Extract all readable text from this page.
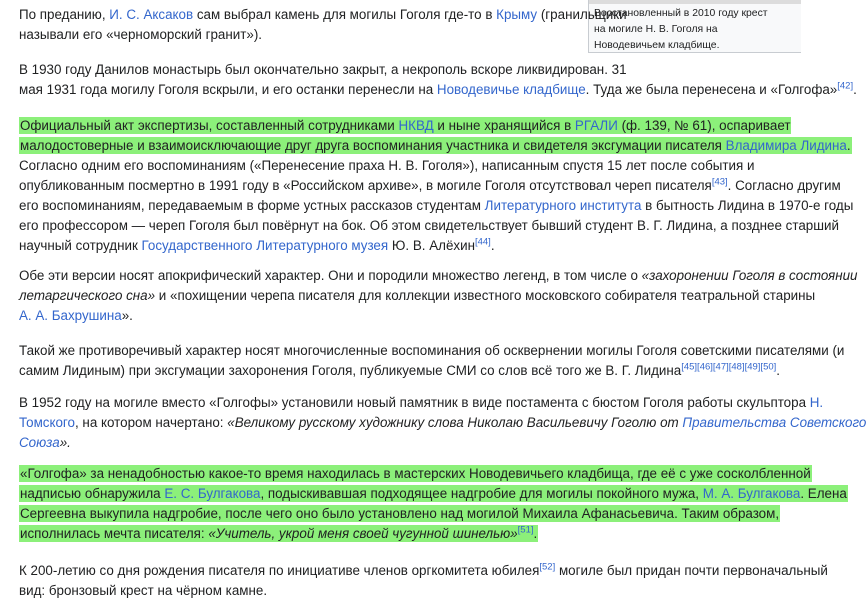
Восстановленный в 2010 году крест
на могиле Н. В. Гоголя на
Новодевичьем кладбище.
По преданию, И. С. Аксаков сам выбрал камень для могилы Гоголя где-то в Крыму (гранильщики
называли его «черноморский гранит»).
В 1930 году Данилов монастырь был окончательно закрыт, а некрополь вскоре ликвидирован. 31
мая 1931 года могилу Гоголя вскрыли, и его останки перенесли на Новодевичье кладбище. Туда же была перенесена и «Голгофа»[42].
Официальный акт экспертизы, составленный сотрудниками НКВД и ныне хранящийся в РГАЛИ (ф. 139, № 61), оспаривает
малодостоверные и взаимоисключающие друг друга воспоминания участника и свидетеля эксгумации писателя Владимира Лидина.
Согласно одним его воспоминаниям («Перенесение праха Н. В. Гоголя»), написанным спустя 15 лет после события и
опубликованным посмертно в 1991 году в «Российском архиве», в могиле Гоголя отсутствовал череп писателя[43]. Согласно другим
его воспоминаниям, передаваемым в форме устных рассказов студентам Литературного института в бытность Лидина в 1970-е годы
его профессором — череп Гоголя был повёрнут на бок. Об этом свидетельствует бывший студент В. Г. Лидина, а позднее старший
научный сотрудник Государственного Литературного музея Ю. В. Алёхин[44].
Обе эти версии носят апокрифический характер. Они и породили множество легенд, в том числе о «захоронении Гоголя в состоянии
летаргического сна» и «похищении черепа писателя для коллекции известного московского собирателя театральной старины
А. А. Бахрушина».
Такой же противоречивый характер носят многочисленные воспоминания об осквернении могилы Гоголя советскими писателями (и
самим Лидиным) при эксгумации захоронения Гоголя, публикуемые СМИ со слов всё того же В. Г. Лидина[45][46][47][48][49][50].
В 1952 году на могиле вместо «Голгофы» установили новый памятник в виде постамента с бюстом Гоголя работы скульптора Н.
Томского, на котором начертано: «Великому русскому художнику слова Николаю Васильевичу Гоголю от Правительства Советского
Союза».
«Голгофа» за ненадобностью какое-то время находилась в мастерских Новодевичьего кладбища, где её с уже сосколбленной
надписью обнаружила Е. С. Булгакова, подыскивавшая подходящее надгробие для могилы покойного мужа, М. А. Булгакова. Елена
Сергеевна выкупила надгробие, после чего оно было установлено над могилой Михаила Афанасьевича. Таким образом,
исполнилась мечта писателя: «Учитель, укрой меня своей чугунной шинелью»[51].
К 200-летию со дня рождения писателя по инициативе членов оргкомитета юбилея[52] могиле был придан почти первоначальный
вид: бронзовый крест на чёрном камне.
